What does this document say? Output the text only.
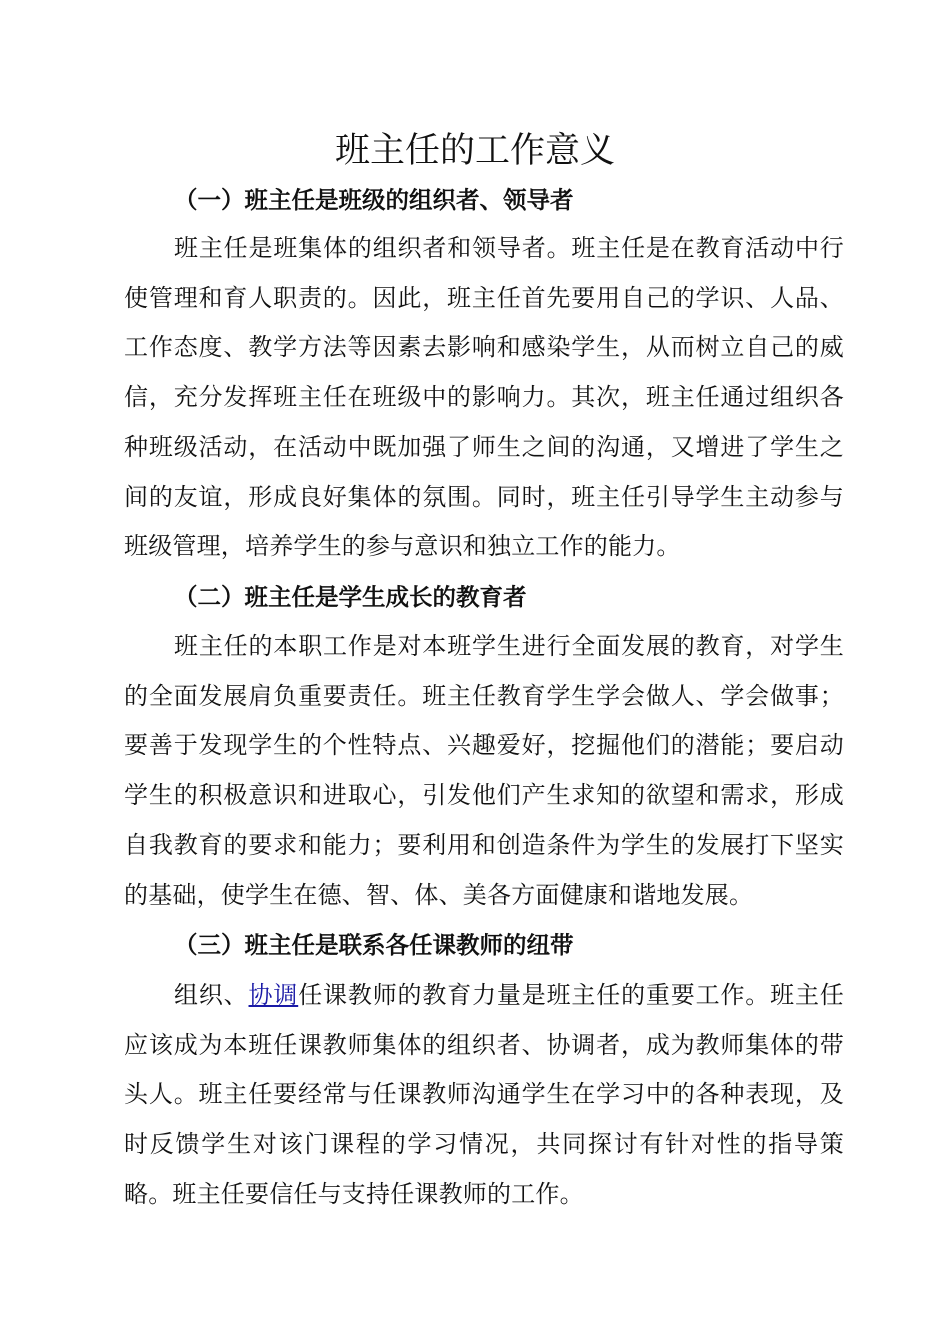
班主任的工作意义
（一）班主任是班级的组织者、领导者

班主任是班集体的组织者和领导者。班主任是在教育活动中行使管理和育人职责的。因此，班主任首先要用自己的学识、人品、工作态度、教学方法等因素去影响和感染学生，从而树立自己的威信，充分发挥班主任在班级中的影响力。其次，班主任通过组织各种班级活动，在活动中既加强了师生之间的沟通，又增进了学生之间的友谊，形成良好集体的氛围。同时，班主任引导学生主动参与班级管理，培养学生的参与意识和独立工作的能力。

（二）班主任是学生成长的教育者

班主任的本职工作是对本班学生进行全面发展的教育，对学生的全面发展肩负重要责任。班主任教育学生学会做人、学会做事；要善于发现学生的个性特点、兴趣爱好，挖掘他们的潜能；要启动学生的积极意识和进取心，引发他们产生求知的欲望和需求，形成自我教育的要求和能力；要利用和创造条件为学生的发展打下坚实的基础，使学生在德、智、体、美各方面健康和谐地发展。

（三）班主任是联系各任课教师的纽带

组织、协调任课教师的教育力量是班主任的重要工作。班主任应该成为本班任课教师集体的组织者、协调者，成为教师集体的带头人。班主任要经常与任课教师沟通学生在学习中的各种表现，及时反馈学生对该门课程的学习情况，共同探讨有针对性的指导策略。班主任要信任与支持任课教师的工作。
